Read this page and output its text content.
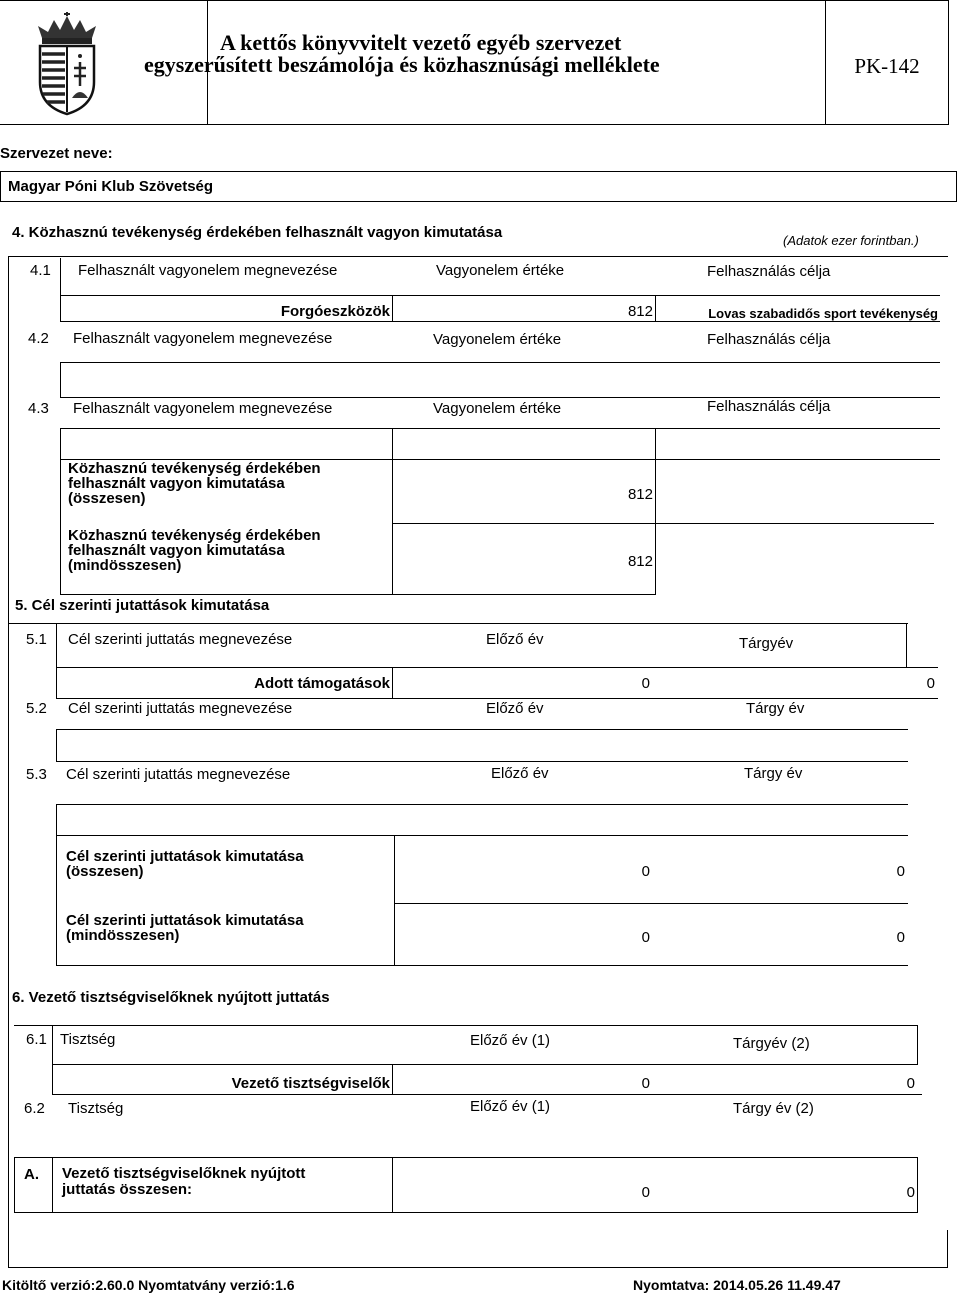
A kettős könyvvitelt vezető egyéb szervezet
egyszerűsített beszámolója és közhasznúsági melléklete	PK-142
Szervezet neve:
Magyar Póni Klub Szövetség
4. Közhasznú tevékenység érdekében felhasznált vagyon kimutatása	(Adatok ezer forintban.)
4.1 Felhasznált vagyonelem megnevezése	Vagyonelem értéke	Felhasználás célja
Forgóeszközök	812	Lovas szabadidős sport tevékenység
4.2 Felhasznált vagyonelem megnevezése	Vagyonelem értéke	Felhasználás célja
4.3 Felhasznált vagyonelem megnevezése	Vagyonelem értéke	Felhasználás célja
Közhasznú tevékenység érdekében
felhasznált vagyon kimutatása
(összesen)	812
Közhasznú tevékenység érdekében
felhasznált vagyon kimutatása
(mindösszesen)	812
5. Cél szerinti jutattások kimutatása
5.1 Cél szerinti juttatás megnevezése	Előző év	Tárgyév
Adott támogatások	0	0
5.2 Cél szerinti juttatás megnevezése	Előző év	Tárgy év
5.3 Cél szerinti jutattás megnevezése	Előző év	Tárgy év
Cél szerinti juttatások kimutatása
(összesen)	0	0
Cél szerinti juttatások kimutatása
(mindösszesen)	0	0
6. Vezető tisztségviselőknek nyújtott juttatás
6.1 Tisztség	Előző év (1)	Tárgyév (2)
Vezető tisztségviselők	0	0
6.2 Tisztség	Előző év (1)	Tárgy év (2)
A. Vezető tisztségviselőknek nyújtott
juttatás összesen:	0	0
Kitöltő verzió:2.60.0 Nyomtatvány verzió:1.6	Nyomtatva: 2014.05.26 11.49.47
